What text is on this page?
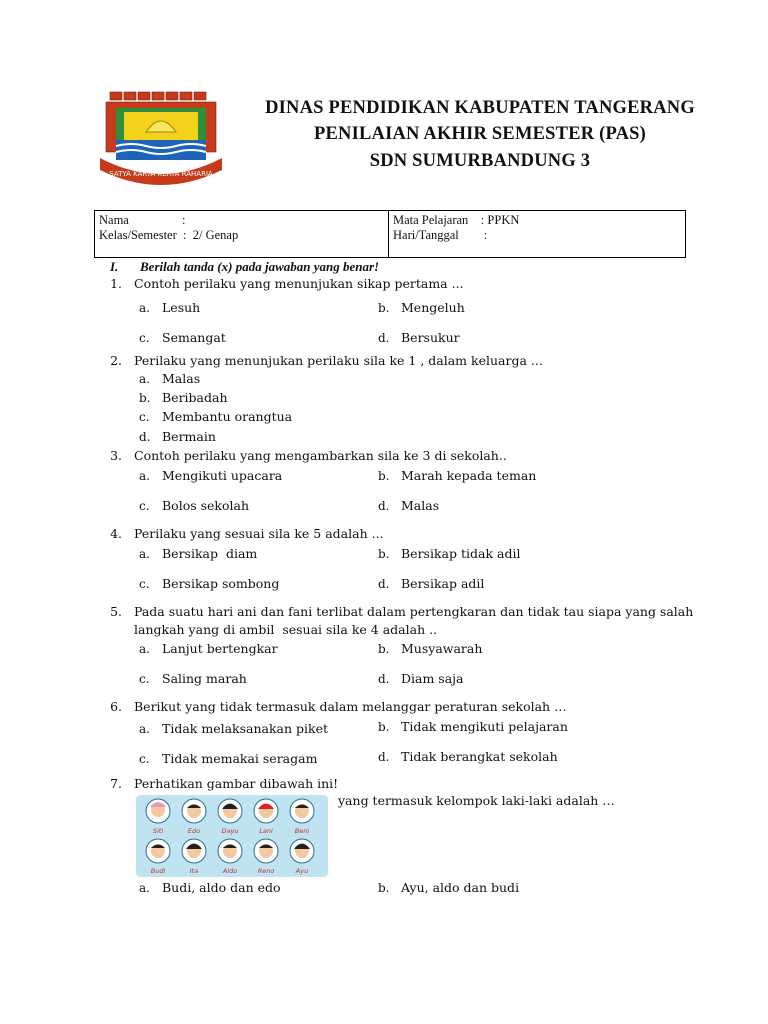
SATYA KARYA KERTA RAHARJA
DINAS PENDIDIKAN KABUPATEN TANGERANG
PENILAIAN AKHIR SEMESTER (PAS)
SDN SUMURBANDUNG 3
Nama                 :
Kelas/Semester  :  2/ Genap
Mata Pelajaran    : PPKN
Hari/Tanggal        :
I. Berilah tanda (x) pada jawaban yang benar!
1. Contoh perilaku yang menunjukan sikap pertama ...
a. Lesuh	b. Mengeluh
c. Semangat	d. Bersukur
2. Perilaku yang menunjukan perilaku sila ke 1 , dalam keluarga ...
a. Malas
b. Beribadah
c. Membantu orangtua
d. Bermain
3. Contoh perilaku yang mengambarkan sila ke 3 di sekolah..
a. Mengikuti upacara	b. Marah kepada teman
c. Bolos sekolah	d. Malas
4. Perilaku yang sesuai sila ke 5 adalah ...
a. Bersikap  diam	b. Bersikap tidak adil
c. Bersikap sombong	d. Bersikap adil
5. Pada suatu hari ani dan fani terlibat dalam pertengkaran dan tidak tau siapa yang salah
langkah yang di ambil  sesuai sila ke 4 adalah ..
a. Lanjut bertengkar	b. Musyawarah
c. Saling marah	d. Diam saja
6. Berikut yang tidak termasuk dalam melanggar peraturan sekolah …
a. Tidak melaksanakan piket	b. Tidak mengikuti pelajaran
c. Tidak memakai seragam	d. Tidak berangkat sekolah
7. Perhatikan gambar dibawah ini!
Siti	Edo	Dayu	Lani	Beni
Budi	Ita	Aldo	Reno	Ayu
yang termasuk kelompok laki-laki adalah …
a. Budi, aldo dan edo	b. Ayu, aldo dan budi
